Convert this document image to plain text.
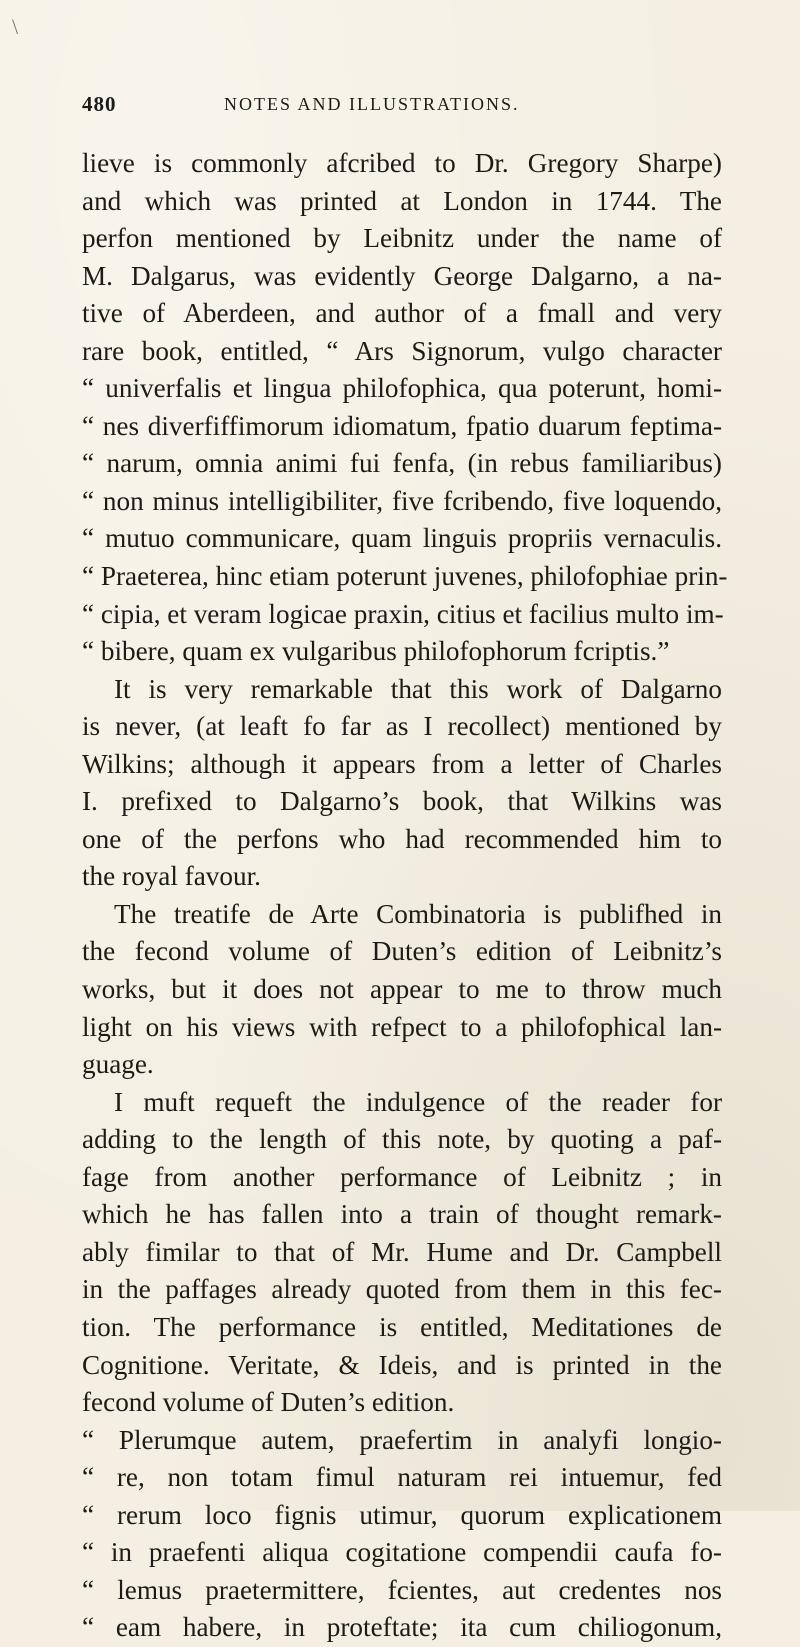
\
480	NOTES AND ILLUSTRATIONS.
lieve is commonly afcribed to Dr. Gregory Sharpe)
and which was printed at London in 1744. The
perfon mentioned by Leibnitz under the name of
M. Dalgarus, was evidently George Dalgarno, a na-
tive of Aberdeen, and author of a fmall and very
rare book, entitled, “ Ars Signorum, vulgo character
“ univerfalis et lingua philofophica, qua poterunt, homi-
“ nes diverfiffimorum idiomatum, fpatio duarum feptima-
“ narum, omnia animi fui fenfa, (in rebus familiaribus)
“ non minus intelligibiliter, five fcribendo, five loquendo,
“ mutuo communicare, quam linguis propriis vernaculis.
“ Praeterea, hinc etiam poterunt juvenes, philofophiae prin-
“ cipia, et veram logicae praxin, citius et facilius multo im-
“ bibere, quam ex vulgaribus philofophorum fcriptis.”
It is very remarkable that this work of Dalgarno
is never, (at leaft fo far as I recollect) mentioned by
Wilkins; although it appears from a letter of Charles
I. prefixed to Dalgarno’s book, that Wilkins was
one of the perfons who had recommended him to
the royal favour.
The treatife de Arte Combinatoria is publifhed in
the fecond volume of Duten’s edition of Leibnitz’s
works, but it does not appear to me to throw much
light on his views with refpect to a philofophical lan-
guage.
I muft requeft the indulgence of the reader for
adding to the length of this note, by quoting a paf-
fage from another performance of Leibnitz ; in
which he has fallen into a train of thought remark-
ably fimilar to that of Mr. Hume and Dr. Campbell
in the paffages already quoted from them in this fec-
tion. The performance is entitled, Meditationes de
Cognitione. Veritate, & Ideis, and is printed in the
fecond volume of Duten’s edition.
“ Plerumque autem, praefertim in analyfi longio-
“ re, non totam fimul naturam rei intuemur, fed
“ rerum loco fignis utimur, quorum explicationem
“ in praefenti aliqua cogitatione compendii caufa fo-
“ lemus praetermittere, fcientes, aut credentes nos
“ eam habere, in proteftate; ita cum chiliogonum,
